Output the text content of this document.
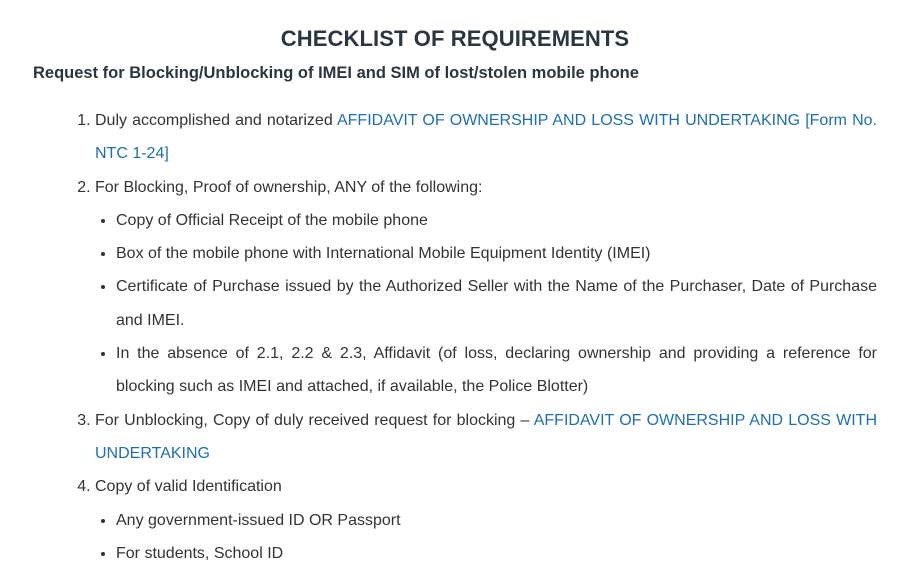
CHECKLIST OF REQUIREMENTS
Request for Blocking/Unblocking of IMEI and SIM of lost/stolen mobile phone
1. Duly accomplished and notarized AFFIDAVIT OF OWNERSHIP AND LOSS WITH UNDERTAKING [Form No. NTC 1-24]
2. For Blocking, Proof of ownership, ANY of the following:
• Copy of Official Receipt of the mobile phone
• Box of the mobile phone with International Mobile Equipment Identity (IMEI)
• Certificate of Purchase issued by the Authorized Seller with the Name of the Purchaser, Date of Purchase and IMEI.
• In the absence of 2.1, 2.2 & 2.3, Affidavit (of loss, declaring ownership and providing a reference for blocking such as IMEI and attached, if available, the Police Blotter)
3. For Unblocking, Copy of duly received request for blocking – AFFIDAVIT OF OWNERSHIP AND LOSS WITH UNDERTAKING
4. Copy of valid Identification
• Any government-issued ID OR Passport
• For students, School ID
